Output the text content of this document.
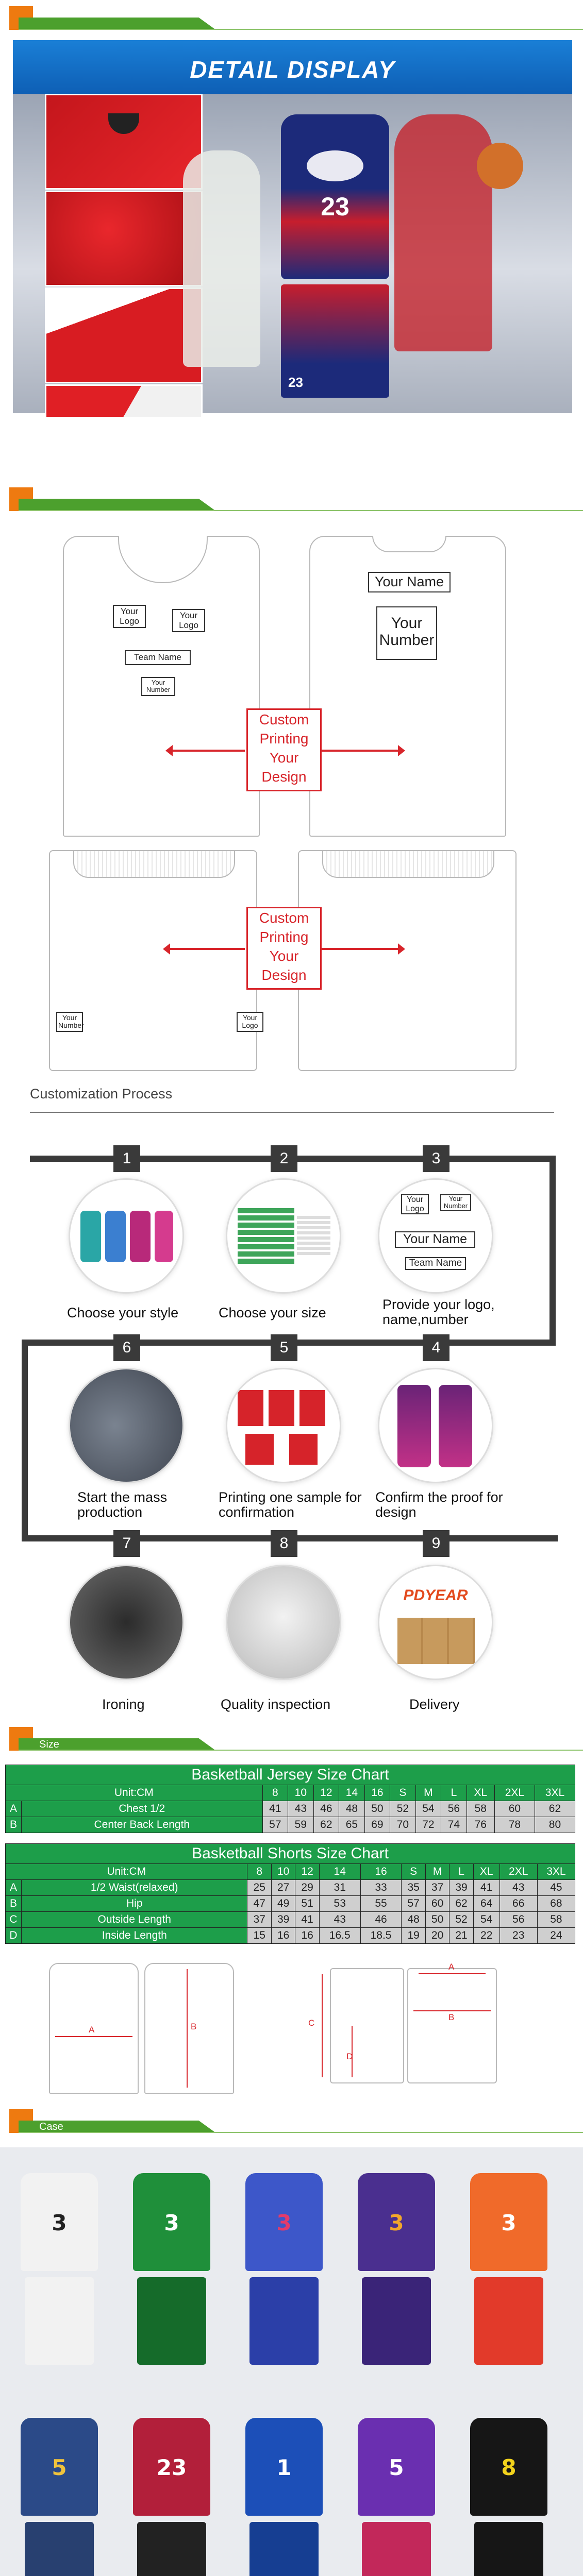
DETAIL DISPLAY
23
23
Your Logo
Your Logo
Team Name
Your Number
Your Name
Your Number
Custom
Printing
Your
Design
Your Number
Your Logo
Custom
Printing
Your
Design
Customization Process
1	2	3
Your
Logo
Your
Number
Your Name
Team Name
Choose your style	Choose your size
Provide your logo, name,number
6	5	4
Start the mass production
Printing one sample for confirmation
Confirm the proof for design
7	8	9
PDYEAR
Ironing	Quality inspection	Delivery
Size
Basketball Jersey Size Chart												
Unit:CM		8	10	12	14	16	S	M	L	XL	2XL	3XL
A	Chest 1/2	41	43	46	48	50	52	54	56	58	60	62
B	Center Back Length	57	59	62	65	69	70	72	74	76	78	80
Basketball Shorts Size Chart												
Unit:CM		8	10	12	14	16	S	M	L	XL	2XL	3XL
A	1/2 Waist(relaxed)	25	27	29	31	33	35	37	39	41	43	45
B	Hip	47	49	51	53	55	57	60	62	64	66	68
C	Outside Length	37	39	41	43	46	48	50	52	54	56	58
D	Inside Length	15	16	16	16.5	18.5	19	20	21	22	23	24
A	B	C
D
A
B
Case
3	3	3	3	3
5	23	1	5	8
